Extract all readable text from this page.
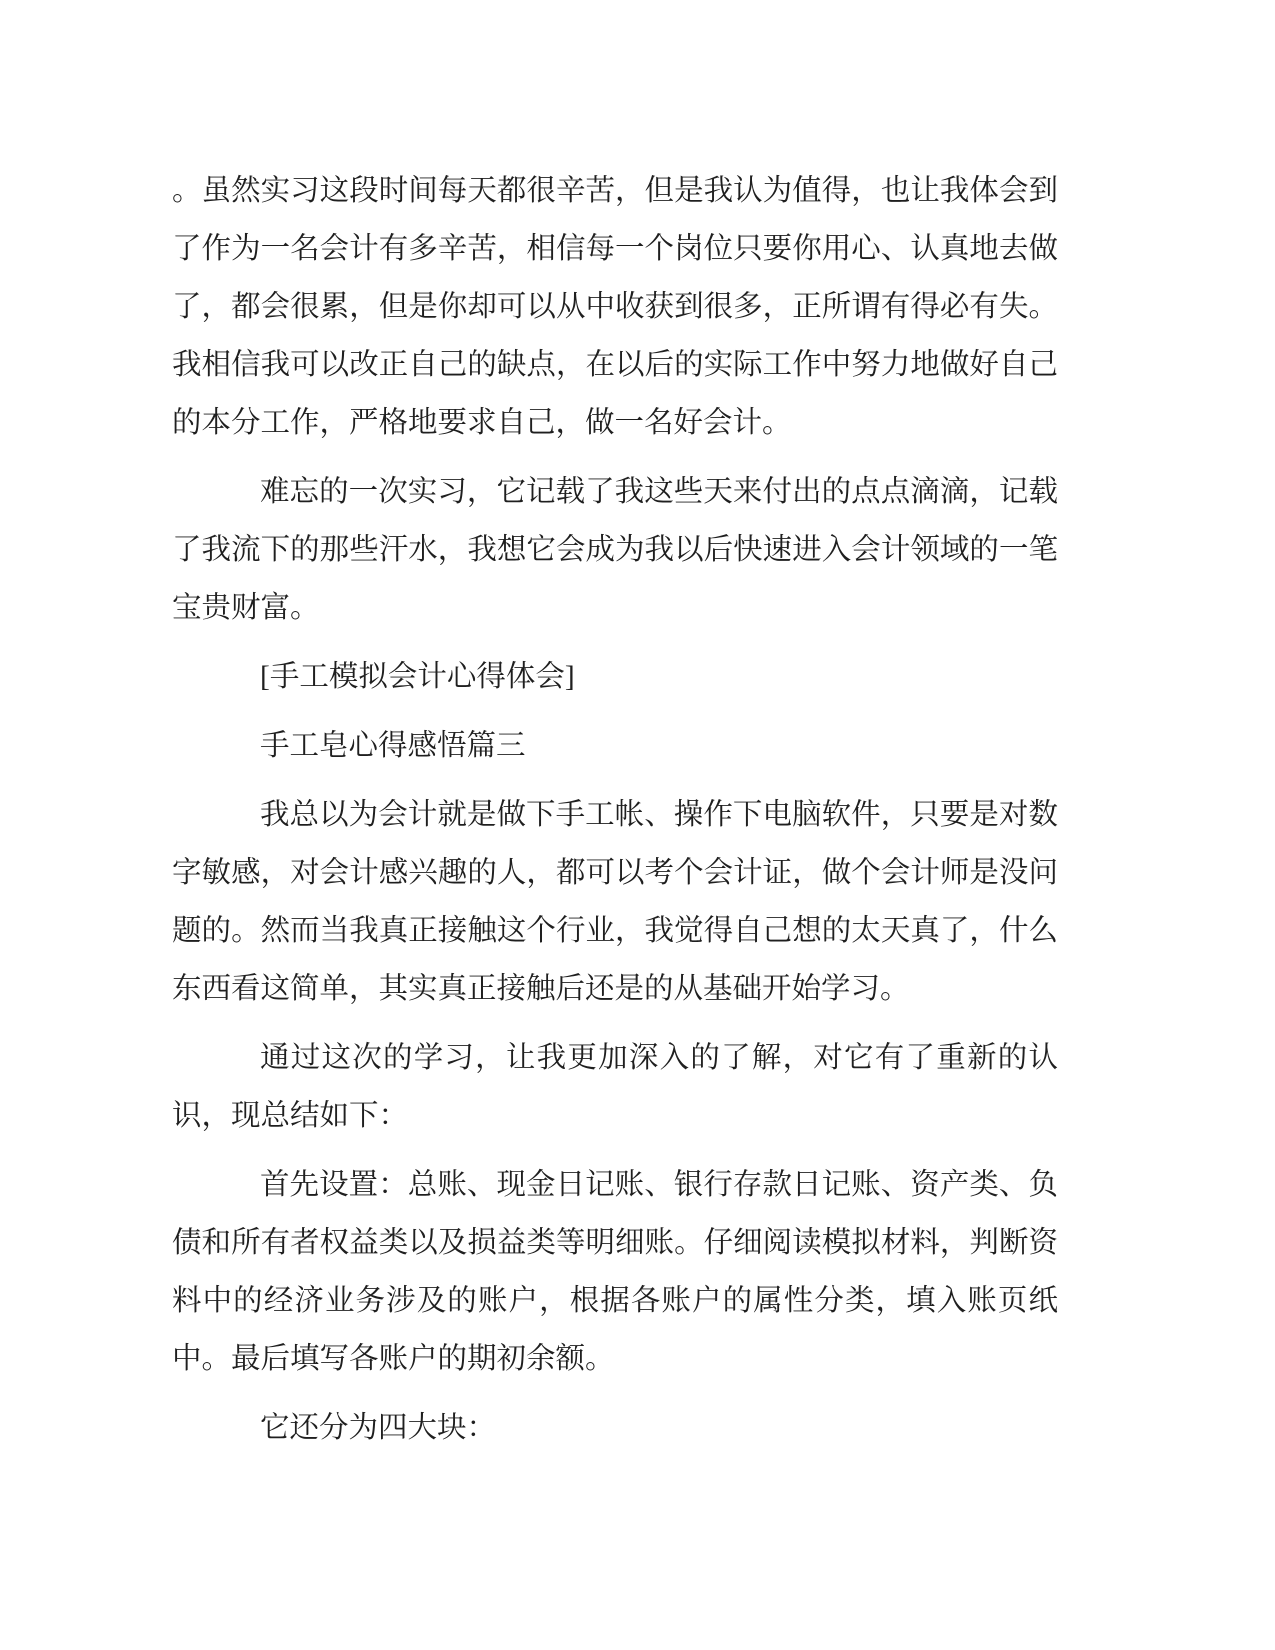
。虽然实习这段时间每天都很辛苦，但是我认为值得，也让我体会到了作为一名会计有多辛苦，相信每一个岗位只要你用心、认真地去做了，都会很累，但是你却可以从中收获到很多，正所谓有得必有失。我相信我可以改正自己的缺点，在以后的实际工作中努力地做好自己的本分工作，严格地要求自己，做一名好会计。

难忘的一次实习，它记载了我这些天来付出的点点滴滴，记载了我流下的那些汗水，我想它会成为我以后快速进入会计领域的一笔宝贵财富。

[手工模拟会计心得体会]

手工皂心得感悟篇三

我总以为会计就是做下手工帐、操作下电脑软件，只要是对数字敏感，对会计感兴趣的人，都可以考个会计证，做个会计师是没问题的。然而当我真正接触这个行业，我觉得自己想的太天真了，什么东西看这简单，其实真正接触后还是的从基础开始学习。

通过这次的学习，让我更加深入的了解，对它有了重新的认识，现总结如下：

首先设置：总账、现金日记账、银行存款日记账、资产类、负债和所有者权益类以及损益类等明细账。仔细阅读模拟材料，判断资料中的经济业务涉及的账户，根据各账户的属性分类，填入账页纸中。最后填写各账户的期初余额。

它还分为四大块：
